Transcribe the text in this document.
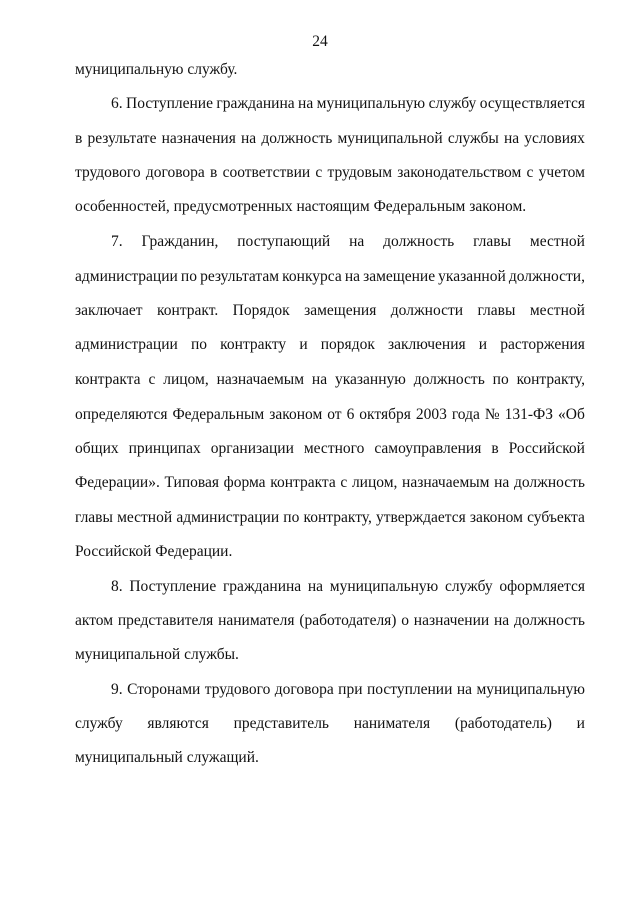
24
муниципальную службу.
6. Поступление гражданина на муниципальную службу осуществляется
в результате назначения на должность муниципальной службы на условиях
трудового договора в соответствии с трудовым законодательством с учетом
особенностей, предусмотренных настоящим Федеральным законом.
7. Гражданин, поступающий на должность главы местной
администрации по результатам конкурса на замещение указанной должности,
заключает контракт. Порядок замещения должности главы местной
администрации по контракту и порядок заключения и расторжения
контракта с лицом, назначаемым на указанную должность по контракту,
определяются Федеральным законом от 6 октября 2003 года № 131-ФЗ «Об
общих принципах организации местного самоуправления в Российской
Федерации». Типовая форма контракта с лицом, назначаемым на должность
главы местной администрации по контракту, утверждается законом субъекта
Российской Федерации.
8. Поступление гражданина на муниципальную службу оформляется
актом представителя нанимателя (работодателя) о назначении на должность
муниципальной службы.
9. Сторонами трудового договора при поступлении на муниципальную
службу являются представитель нанимателя (работодатель) и
муниципальный служащий.
